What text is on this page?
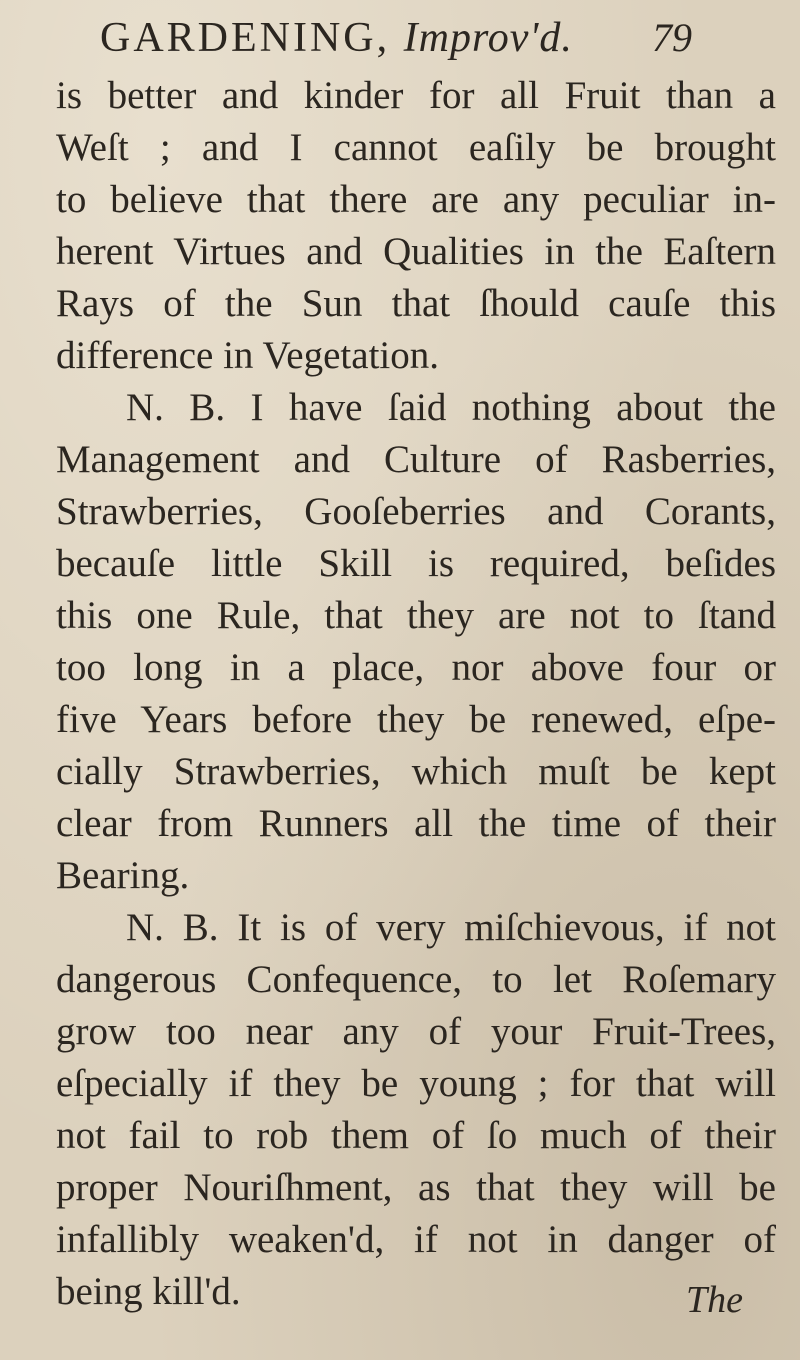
GARDENING, Improv'd. 79
is better and kinder for all Fruit than a
Weſt ; and I cannot eaſily be brought
to believe that there are any peculiar in-
herent Virtues and Qualities in the Eaſtern
Rays of the Sun that ſhould cauſe this
difference in Vegetation.
N. B. I have ſaid nothing about the
Management and Culture of Rasberries,
Strawberries, Gooſeberries and Corants,
becauſe little Skill is required, beſides
this one Rule, that they are not to ſtand
too long in a place, nor above four or
five Years before they be renewed, eſpe-
cially Strawberries, which muſt be kept
clear from Runners all the time of their
Bearing.
N. B. It is of very miſchievous, if not
dangerous Confequence, to let Roſemary
grow too near any of your Fruit-Trees,
eſpecially if they be young ; for that will
not fail to rob them of ſo much of their
proper Nouriſhment, as that they will be
infallibly weaken'd, if not in danger of
being kill'd.	The
